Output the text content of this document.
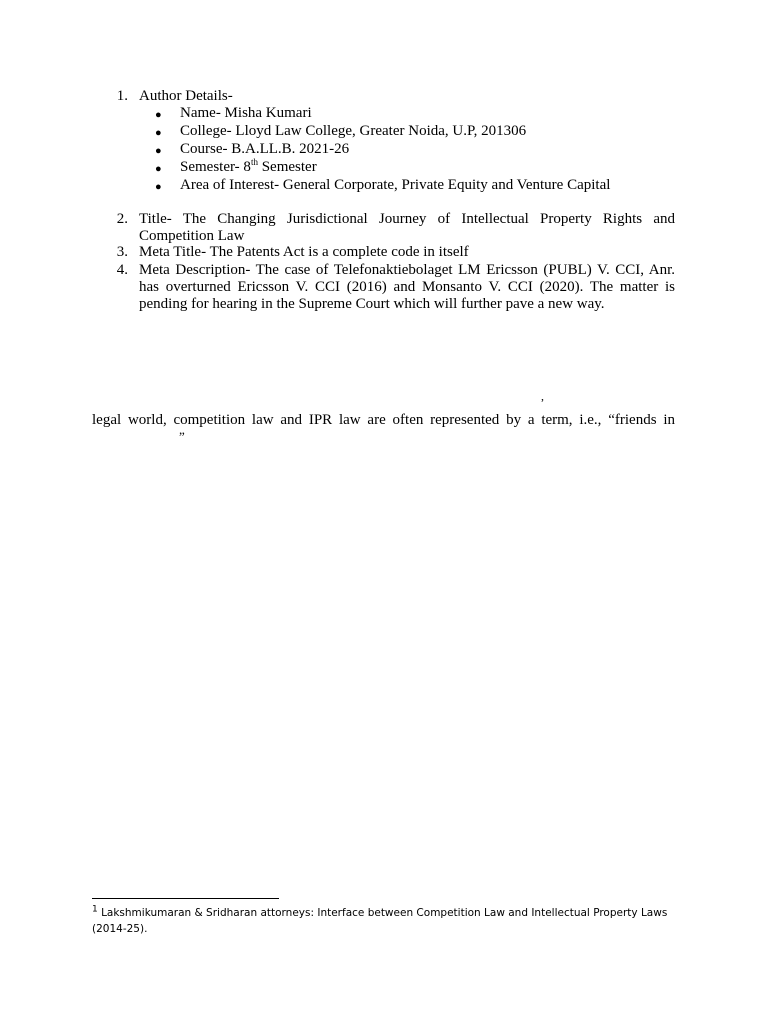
1. Author Details-
● Name- Misha Kumari
● College- Lloyd Law College, Greater Noida, U.P, 201306
● Course- B.A.LL.B. 2021-26
● Semester- 8th Semester
● Area of Interest- General Corporate, Private Equity and Venture Capital
2. Title- The Changing Jurisdictional Journey of Intellectual Property Rights and
Competition Law
3. Meta Title- The Patents Act is a complete code in itself
4. Meta Description- The case of Telefonaktiebolaget LM Ericsson (PUBL) V. CCI, Anr.
has overturned Ericsson V. CCI (2016) and Monsanto V. CCI (2020). The matter is
pending for hearing in the Supreme Court which will further pave a new way.
,
legal world, competition law and IPR law are often represented by a term, i.e., “friends in
”
$^1$ Lakshmikumaran & Sridharan attorneys: Interface between Competition Law and Intellectual Property Laws
(2014-25).
